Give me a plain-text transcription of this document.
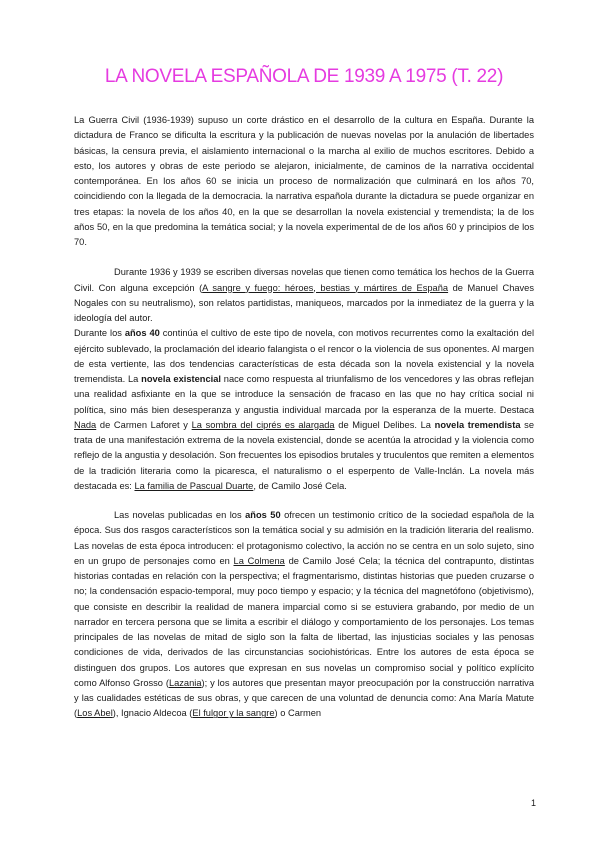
LA NOVELA ESPAÑOLA DE 1939 A 1975 (T. 22)

La Guerra Civil (1936-1939) supuso un corte drástico en el desarrollo de la cultura en España. Durante la dictadura de Franco se dificulta la escritura y la publicación de nuevas novelas por la anulación de libertades básicas, la censura previa, el aislamiento internacional o la marcha al exilio de muchos escritores. Debido a esto, los autores y obras de este periodo se alejaron, inicialmente, de caminos de la narrativa occidental contemporánea. En los años 60 se inicia un proceso de normalización que culminará en los años 70, coincidiendo con la llegada de la democracia. la narrativa española durante la dictadura se puede organizar en tres etapas: la novela de los años 40, en la que se desarrollan la novela existencial y tremendista; la de los años 50, en la que predomina la temática social; y la novela experimental de de los años 60 y principios de los 70.

Durante 1936 y 1939 se escriben diversas novelas que tienen como temática los hechos de la Guerra Civil. Con alguna excepción (A sangre y fuego: héroes, bestias y mártires de España de Manuel Chaves Nogales con su neutralismo), son relatos partidistas, maniqueos, marcados por la inmediatez de la guerra y la ideología del autor.

Durante los años 40 continúa el cultivo de este tipo de novela, con motivos recurrentes como la exaltación del ejército sublevado, la proclamación del ideario falangista o el rencor o la violencia de sus oponentes. Al margen de esta vertiente, las dos tendencias características de esta década son la novela existencial y la novela tremendista. La novela existencial nace como respuesta al triunfalismo de los vencedores y las obras reflejan una realidad asfixiante en la que se introduce la sensación de fracaso en las que no hay crítica social ni política, sino más bien desesperanza y angustia individual marcada por la esperanza de la muerte. Destaca Nada de Carmen Laforet y La sombra del ciprés es alargada de Miguel Delibes. La novela tremendista se trata de una manifestación extrema de la novela existencial, donde se acentúa la atrocidad y la violencia como reflejo de la angustia y desolación. Son frecuentes los episodios brutales y truculentos que remiten a elementos de la tradición literaria como la picaresca, el naturalismo o el esperpento de Valle-Inclán. La novela más destacada es: La familia de Pascual Duarte, de Camilo José Cela.

Las novelas publicadas en los años 50 ofrecen un testimonio crítico de la sociedad española de la época. Sus dos rasgos característicos son la temática social y su admisión en la tradición literaria del realismo. Las novelas de esta época introducen: el protagonismo colectivo, la acción no se centra en un solo sujeto, sino en un grupo de personajes como en La Colmena de Camilo José Cela; la técnica del contrapunto, distintas historias contadas en relación con la perspectiva; el fragmentarismo, distintas historias que pueden cruzarse o no; la condensación espacio-temporal, muy poco tiempo y espacio; y la técnica del magnetófono (objetivismo), que consiste en describir la realidad de manera imparcial como si se estuviera grabando, por medio de un narrador en tercera persona que se limita a escribir el diálogo y comportamiento de los personajes. Los temas principales de las novelas de mitad de siglo son la falta de libertad, las injusticias sociales y las penosas condiciones de vida, derivados de las circunstancias sociohistóricas. Entre los autores de esta época se distinguen dos grupos. Los autores que expresan en sus novelas un compromiso social y político explícito como Alfonso Grosso (Lazania); y los autores que presentan mayor preocupación por la construcción narrativa y las cualidades estéticas de sus obras, y que carecen de una voluntad de denuncia como: Ana María Matute (Los Abel), Ignacio Aldecoa (El fulgor y la sangre) o Carmen

1
